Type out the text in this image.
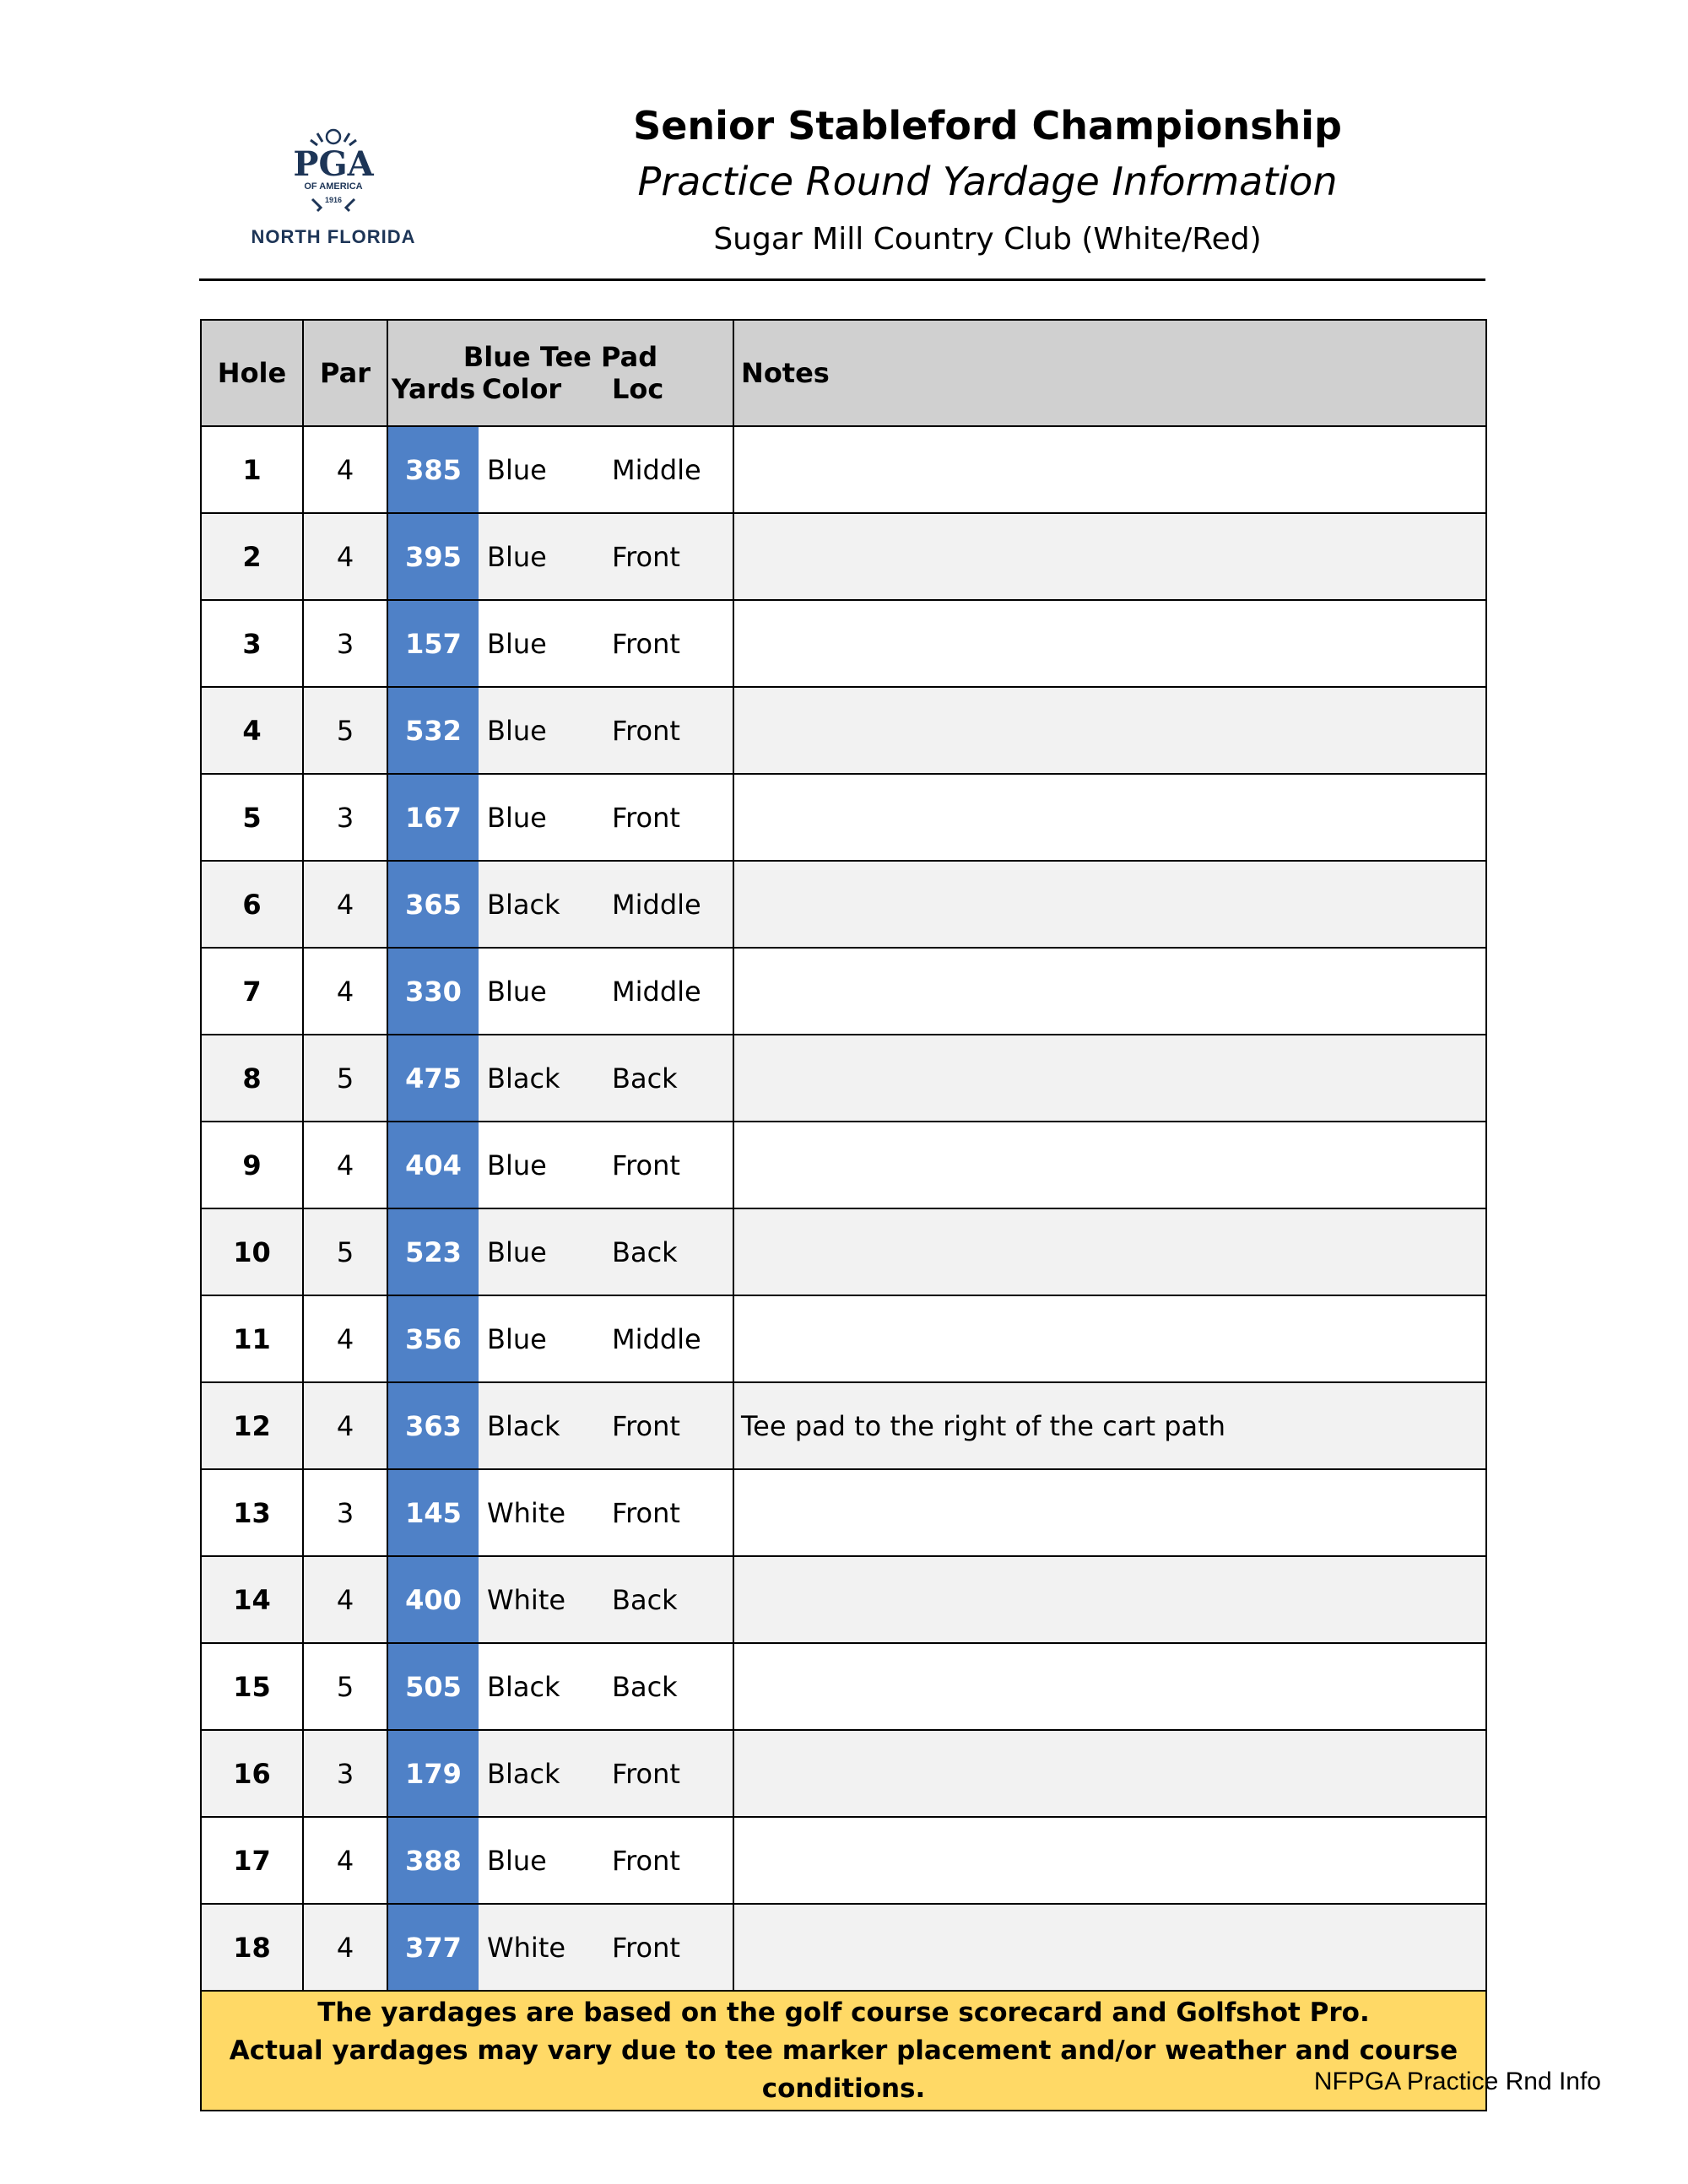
PGA
OF AMERICA
1916
NORTH FLORIDA
Senior Stableford Championship
Practice Round Yardage Information
Sugar Mill Country Club (White/Red)
Hole	Par	Blue Tee Pad			Notes
		Yards	Color	Loc	
1	4	385	Blue	Middle	
2	4	395	Blue	Front	
3	3	157	Blue	Front	
4	5	532	Blue	Front	
5	3	167	Blue	Front	
6	4	365	Black	Middle	
7	4	330	Blue	Middle	
8	5	475	Black	Back	
9	4	404	Blue	Front	
10	5	523	Blue	Back	
11	4	356	Blue	Middle	
12	4	363	Black	Front	Tee pad to the right of the cart path
13	3	145	White	Front	
14	4	400	White	Back	
15	5	505	Black	Back	
16	3	179	Black	Front	
17	4	388	Blue	Front	
18	4	377	White	Front	
The yardages are based on the golf course scorecard and Golfshot Pro.
Actual yardages may vary due to tee marker placement and/or weather and course conditions.	NFPGA Practice Rnd Info
